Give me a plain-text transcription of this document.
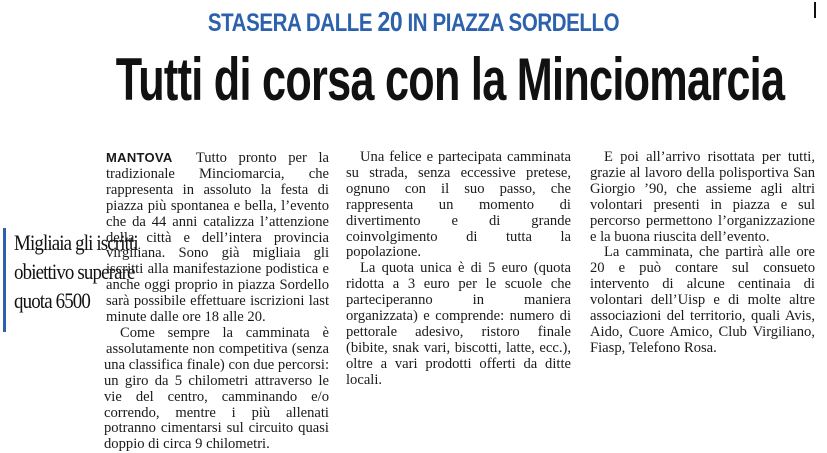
STASERA DALLE 20 IN PIAZZA SORDELLO
Tutti di corsa con la Minciomarcia
Migliaia gli iscritti
obiettivo superare
quota 6500

MANTOVA Tutto pronto per la tradizionale Minciomarcia, che rappresenta in assoluto la festa di piazza più spontanea e bella, l’evento che da 44 anni catalizza l’attenzione della città e dell’intera provincia virgiliana. Sono già migliaia gli iscritti alla manifestazione podistica e anche oggi proprio in piazza Sordello sarà possibile effettuare iscrizioni last minute dalle ore 18 alle 20.

Come sempre la camminata è assolutamente non competitiva (senza una classifica finale) con due percorsi: un giro da 5 chilometri attraverso le vie del centro, camminando e/o correndo, mentre i più allenati potranno cimentarsi sul circuito quasi doppio di circa 9 chilometri.

Una felice e partecipata camminata su strada, senza eccessive pretese, ognuno con il suo passo, che rappresenta un momento di divertimento e di grande coinvolgimento di tutta la popolazione.

La quota unica è di 5 euro (quota ridotta a 3 euro per le scuole che parteciperanno in maniera organizzata) e comprende: numero di pettorale adesivo, ristoro finale (bibite, snak vari, biscotti, latte, ecc.), oltre a vari prodotti offerti da ditte locali.

E poi all’arrivo risottata per tutti, grazie al lavoro della polisportiva San Giorgio ’90, che assieme agli altri volontari presenti in piazza e sul percorso permettono l’organizzazione e la buona riuscita dell’evento.

La camminata, che partirà alle ore 20 e può contare sul consueto intervento di alcune centinaia di volontari dell’Uisp e di molte altre associazioni del territorio, quali Avis, Aido, Cuore Amico, Club Virgiliano, Fiasp, Telefono Rosa.
